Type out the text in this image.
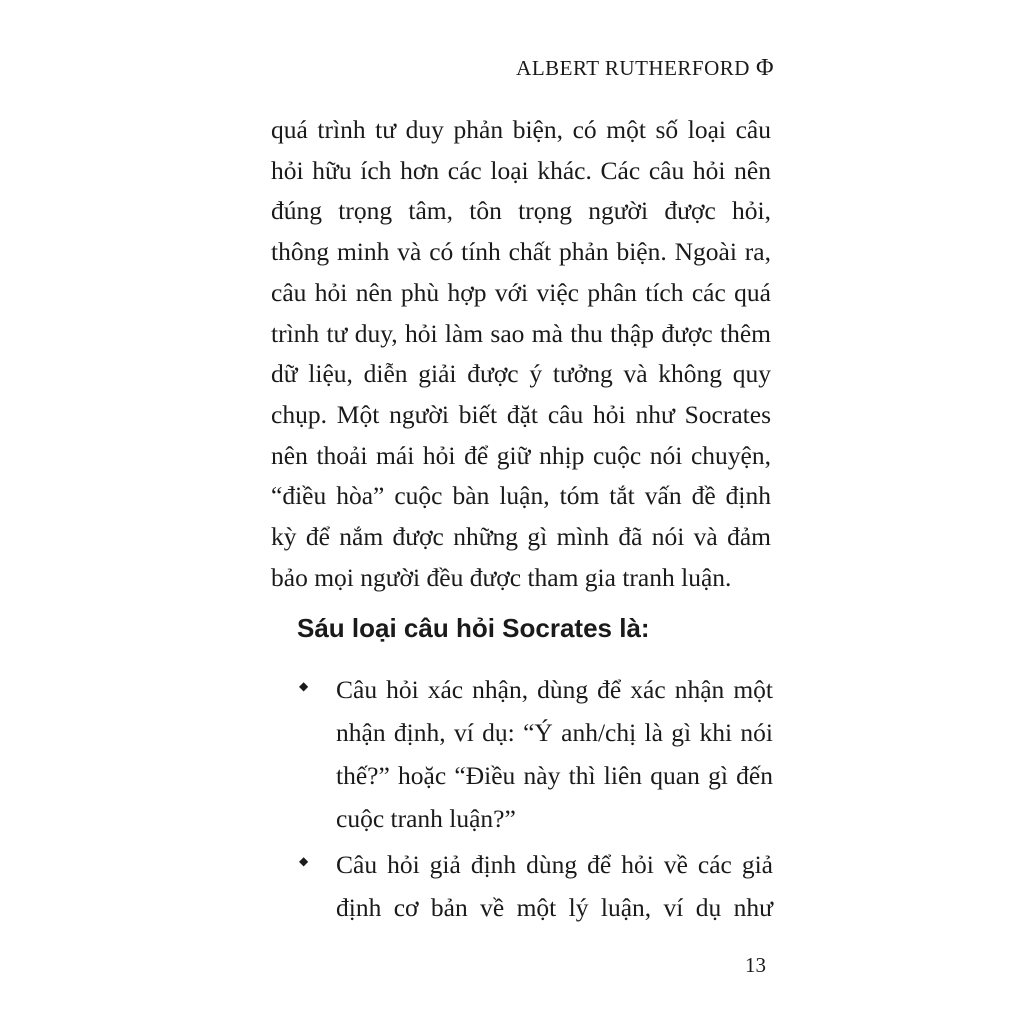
ALBERT RUTHERFORD Φ
quá trình tư duy phản biện, có một số loại câu
hỏi hữu ích hơn các loại khác. Các câu hỏi nên
đúng trọng tâm, tôn trọng người được hỏi,
thông minh và có tính chất phản biện. Ngoài ra,
câu hỏi nên phù hợp với việc phân tích các quá
trình tư duy, hỏi làm sao mà thu thập được thêm
dữ liệu, diễn giải được ý tưởng và không quy
chụp. Một người biết đặt câu hỏi như Socrates
nên thoải mái hỏi để giữ nhịp cuộc nói chuyện,
“điều hòa” cuộc bàn luận, tóm tắt vấn đề định
kỳ để nắm được những gì mình đã nói và đảm
bảo mọi người đều được tham gia tranh luận.
Sáu loại câu hỏi Socrates là:
◆ Câu hỏi xác nhận, dùng để xác nhận một
nhận định, ví dụ: “Ý anh/chị là gì khi nói
thế?” hoặc “Điều này thì liên quan gì đến
cuộc tranh luận?”
◆ Câu hỏi giả định dùng để hỏi về các giả
định cơ bản về một lý luận, ví dụ như
13
